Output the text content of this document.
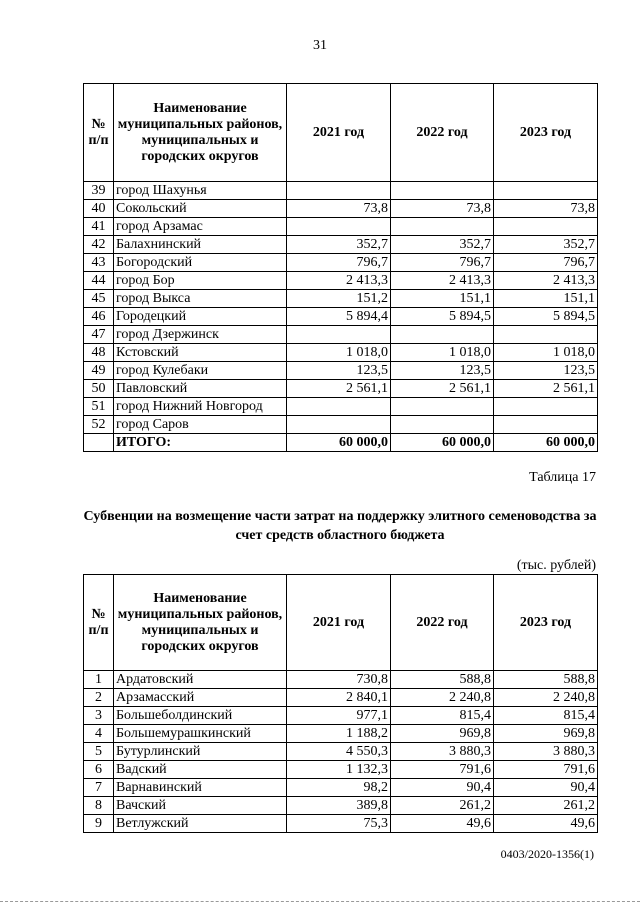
31
№ п/п	Наименование муниципальных районов, муниципальных и городских округов	2021 год	2022 год	2023 год
39	город Шахунья			
40	Сокольский	73,8	73,8	73,8
41	город Арзамас			
42	Балахнинский	352,7	352,7	352,7
43	Богородский	796,7	796,7	796,7
44	город Бор	2 413,3	2 413,3	2 413,3
45	город Выкса	151,2	151,1	151,1
46	Городецкий	5 894,4	5 894,5	5 894,5
47	город Дзержинск			
48	Кстовский	1 018,0	1 018,0	1 018,0
49	город Кулебаки	123,5	123,5	123,5
50	Павловский	2 561,1	2 561,1	2 561,1
51	город Нижний Новгород			
52	город Саров			
	ИТОГО:	60 000,0	60 000,0	60 000,0
Таблица 17
Субвенции на возмещение части затрат на поддержку элитного семеноводства за счет средств областного бюджета
(тыс. рублей)
№ п/п	Наименование муниципальных районов, муниципальных и городских округов	2021 год	2022 год	2023 год
1	Ардатовский	730,8	588,8	588,8
2	Арзамасский	2 840,1	2 240,8	2 240,8
3	Большеболдинский	977,1	815,4	815,4
4	Большемурашкинский	1 188,2	969,8	969,8
5	Бутурлинский	4 550,3	3 880,3	3 880,3
6	Вадский	1 132,3	791,6	791,6
7	Варнавинский	98,2	90,4	90,4
8	Вачский	389,8	261,2	261,2
9	Ветлужский	75,3	49,6	49,6
0403/2020-1356(1)
